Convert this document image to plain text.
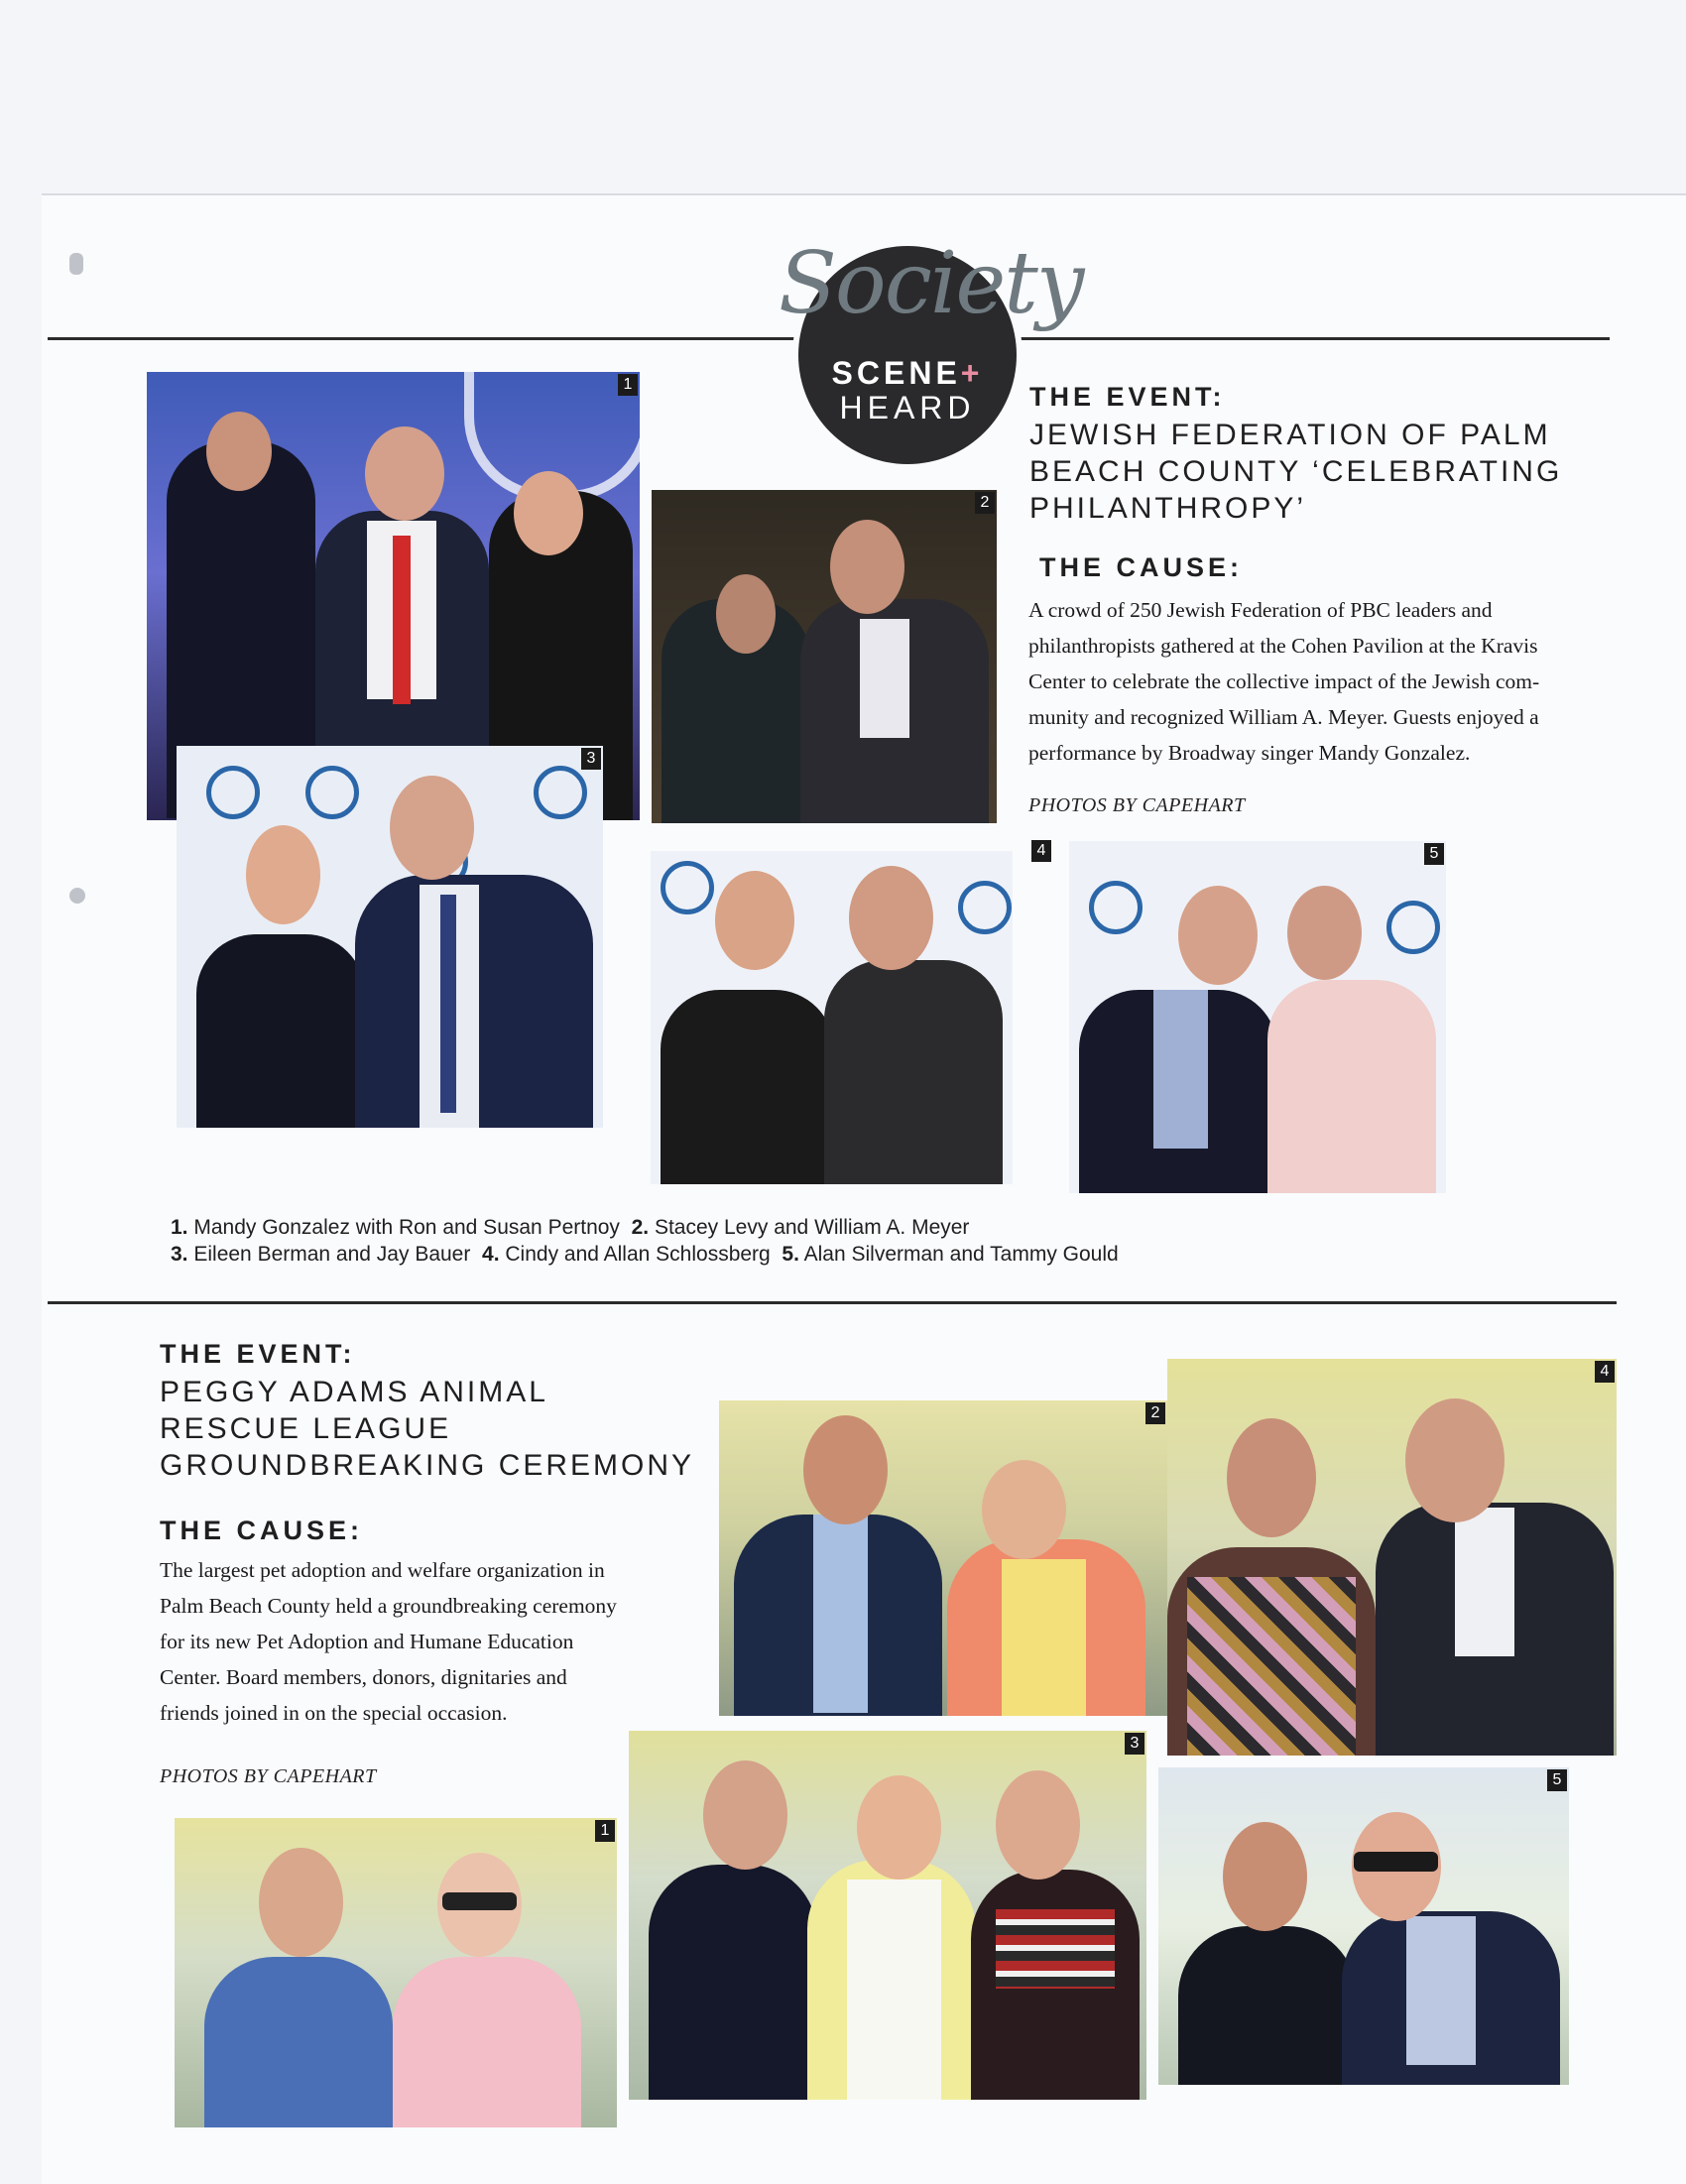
Society
SCENE+
HEARD	THE EVENT:
JEWISH FEDERATION OF PALM
BEACH COUNTY ‘CELEBRATING
PHILANTHROPY’
THE CAUSE:
A crowd of 250 Jewish Federation of PBC leaders and
philanthropists gathered at the Cohen Pavilion at the Kravis
Center to celebrate the collective impact of the Jewish com-
munity and recognized William A. Meyer. Guests enjoyed a
performance by Broadway singer Mandy Gonzalez.
PHOTOS BY CAPEHART
1
2
3
4	5
1. Mandy Gonzalez with Ron and Susan Pertnoy 2. Stacey Levy and William A. Meyer
3. Eileen Berman and Jay Bauer 4. Cindy and Allan Schlossberg 5. Alan Silverman and Tammy Gould
THE EVENT:
PEGGY ADAMS ANIMAL
RESCUE LEAGUE
GROUNDBREAKING CEREMONY
THE CAUSE:
The largest pet adoption and welfare organization in
Palm Beach County held a groundbreaking ceremony
for its new Pet Adoption and Humane Education
Center. Board members, donors, dignitaries and
friends joined in on the special occasion.
PHOTOS BY CAPEHART
2
4
3
1
5
